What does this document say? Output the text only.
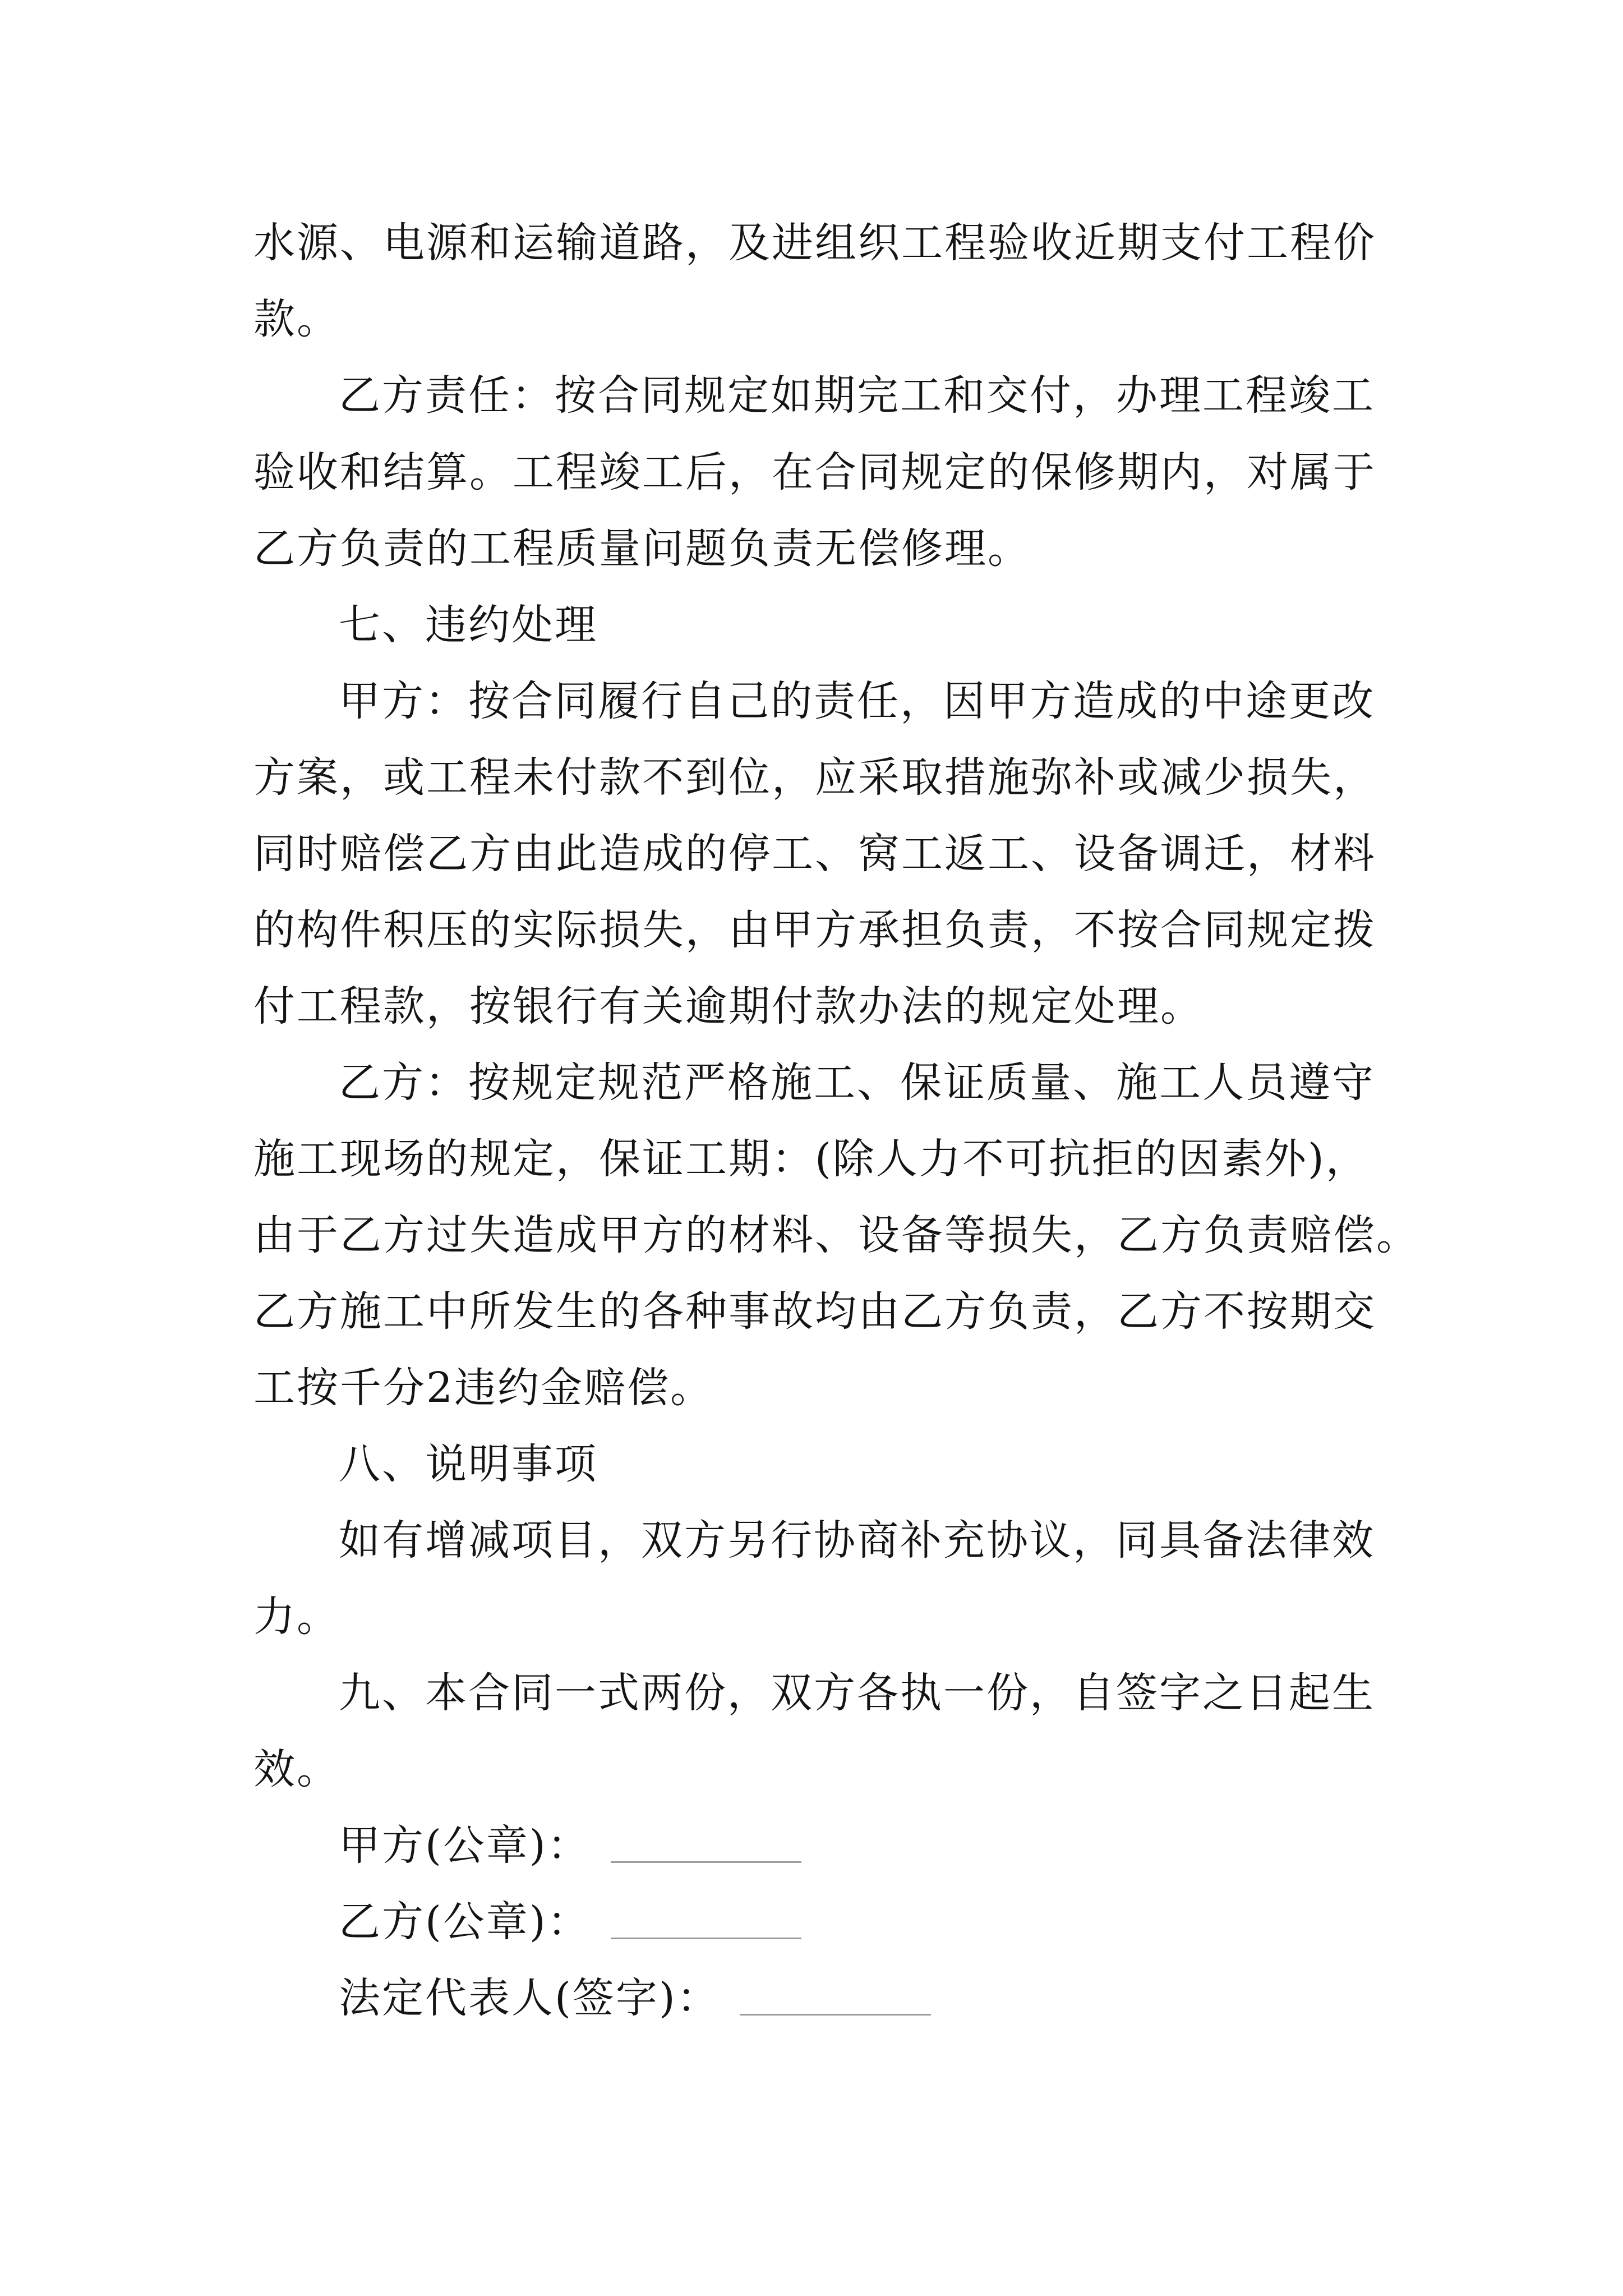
水源、电源和运输道路，及进组织工程验收近期支付工程价
款。
乙方责任：按合同规定如期完工和交付，办理工程竣工
验收和结算。工程竣工后，在合同规定的保修期内，对属于
乙方负责的工程质量问题负责无偿修理。
七、违约处理
甲方：按合同履行自己的责任，因甲方造成的中途更改
方案，或工程未付款不到位，应采取措施弥补或减少损失，
同时赔偿乙方由此造成的停工、窝工返工、设备调迁，材料
的构件积压的实际损失，由甲方承担负责，不按合同规定拨
付工程款，按银行有关逾期付款办法的规定处理。
乙方：按规定规范严格施工、保证质量、施工人员遵守
施工现场的规定，保证工期：(除人力不可抗拒的因素外)，
由于乙方过失造成甲方的材料、设备等损失，乙方负责赔偿。
乙方施工中所发生的各种事故均由乙方负责，乙方不按期交
工按千分2违约金赔偿。
八、说明事项
如有增减项目，双方另行协商补充协议，同具备法律效
力。
九、本合同一式两份，双方各执一份，自签字之日起生
效。
甲方(公章)：
乙方(公章)：
法定代表人(签字)：
